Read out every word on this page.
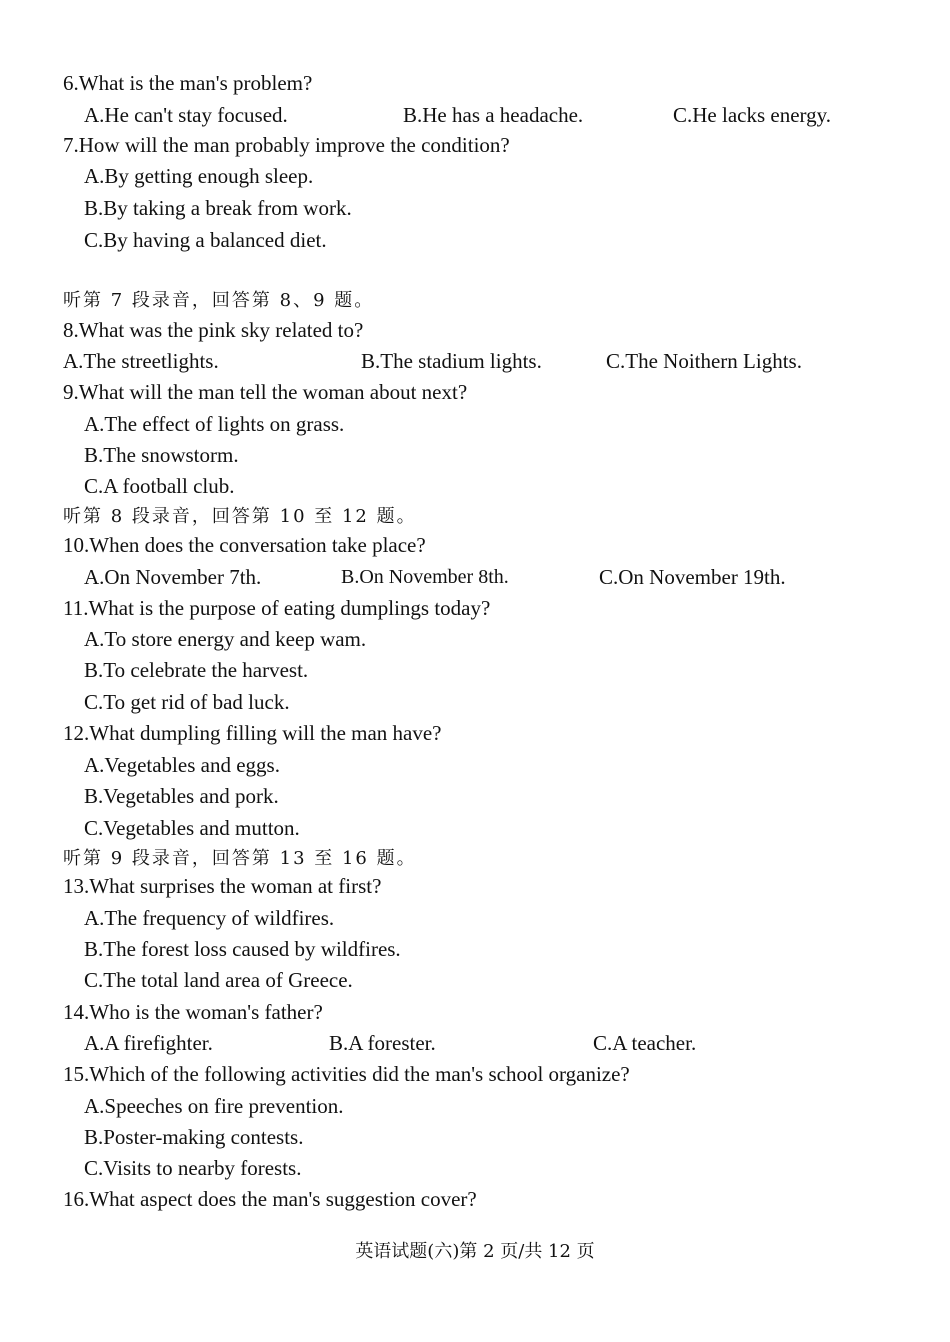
6.What is the man's problem?
A.He can't stay focused.	B.He has a headache.	C.He lacks energy.
7.How will the man probably improve the condition?
A.By getting enough sleep.
B.By taking a break from work.
C.By having a balanced diet.
听第 7 段录音，回答第 8、9 题。
8.What was the pink sky related to?
A.The streetlights.	B.The stadium lights.	C.The Noithern Lights.
9.What will the man tell the woman about next?
A.The effect of lights on grass.
B.The snowstorm.
C.A football club.
听第 8 段录音，回答第 10 至 12 题。
10.When does the conversation take place?
A.On November 7th.	B.On November 8th.	C.On November 19th.
11.What is the purpose of eating dumplings today?
A.To store energy and keep wam.
B.To celebrate the harvest.
C.To get rid of bad luck.
12.What dumpling filling will the man have?
A.Vegetables and eggs.
B.Vegetables and pork.
C.Vegetables and mutton.
听第 9 段录音，回答第 13 至 16 题。
13.What surprises the woman at first?
A.The frequency of wildfires.
B.The forest loss caused by wildfires.
C.The total land area of Greece.
14.Who is the woman's father?
A.A firefighter.	B.A forester.	C.A teacher.
15.Which of the following activities did the man's school organize?
A.Speeches on fire prevention.
B.Poster-making contests.
C.Visits to nearby forests.
16.What aspect does the man's suggestion cover?
英语试题(六)第 2 页/共 12 页
